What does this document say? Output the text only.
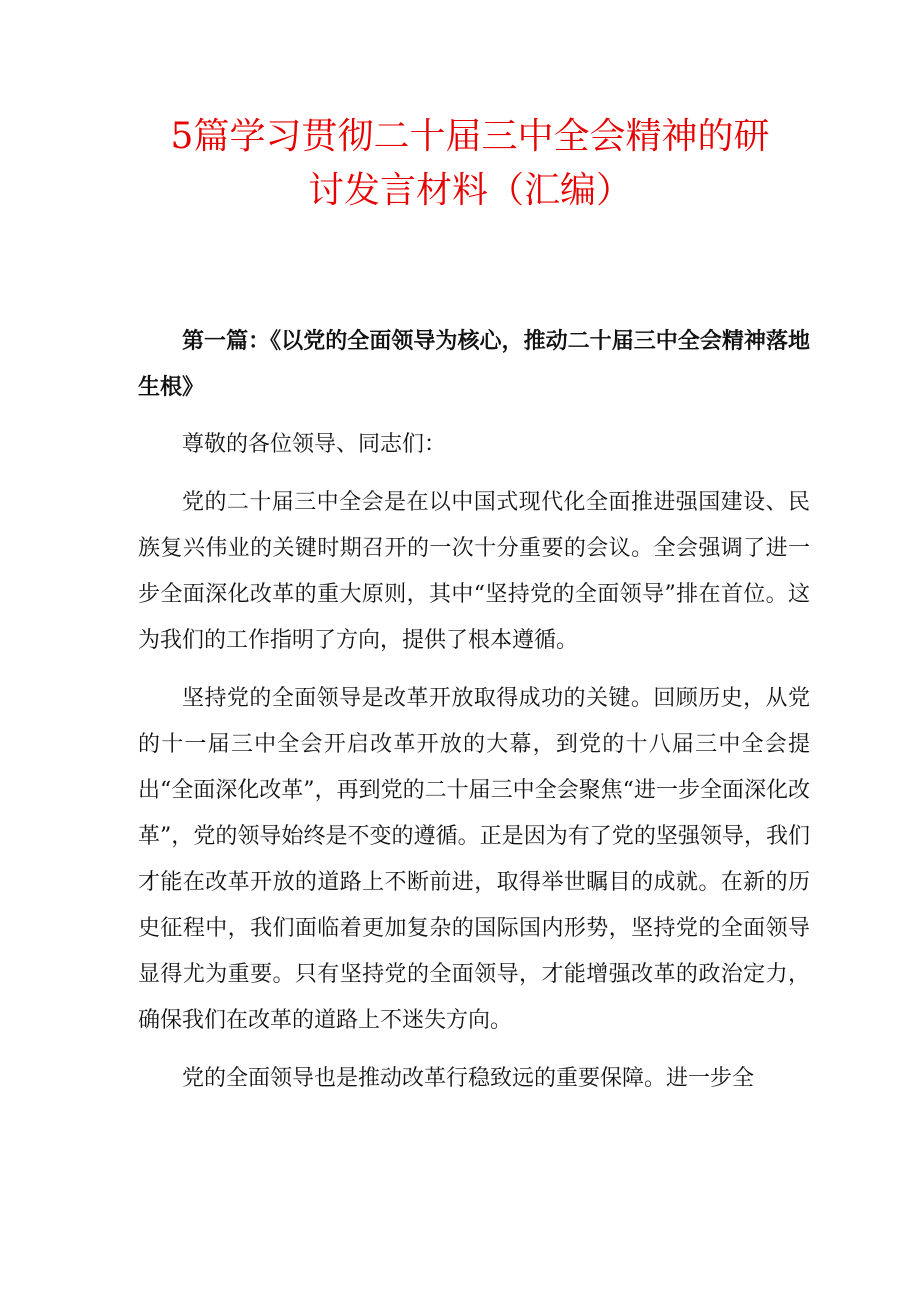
5篇学习贯彻二十届三中全会精神的研
讨发言材料（汇编）

第一篇：《以党的全面领导为核心，推动二十届三中全会精神落地生根》

尊敬的各位领导、同志们：

党的二十届三中全会是在以中国式现代化全面推进强国建设、民族复兴伟业的关键时期召开的一次十分重要的会议。全会强调了进一步全面深化改革的重大原则，其中“坚持党的全面领导”排在首位。这为我们的工作指明了方向，提供了根本遵循。

坚持党的全面领导是改革开放取得成功的关键。回顾历史，从党的十一届三中全会开启改革开放的大幕，到党的十八届三中全会提出“全面深化改革”，再到党的二十届三中全会聚焦“进一步全面深化改革”，党的领导始终是不变的遵循。正是因为有了党的坚强领导，我们才能在改革开放的道路上不断前进，取得举世瞩目的成就。在新的历史征程中，我们面临着更加复杂的国际国内形势，坚持党的全面领导显得尤为重要。只有坚持党的全面领导，才能增强改革的政治定力，确保我们在改革的道路上不迷失方向。

党的全面领导也是推动改革行稳致远的重要保障。进一步全
